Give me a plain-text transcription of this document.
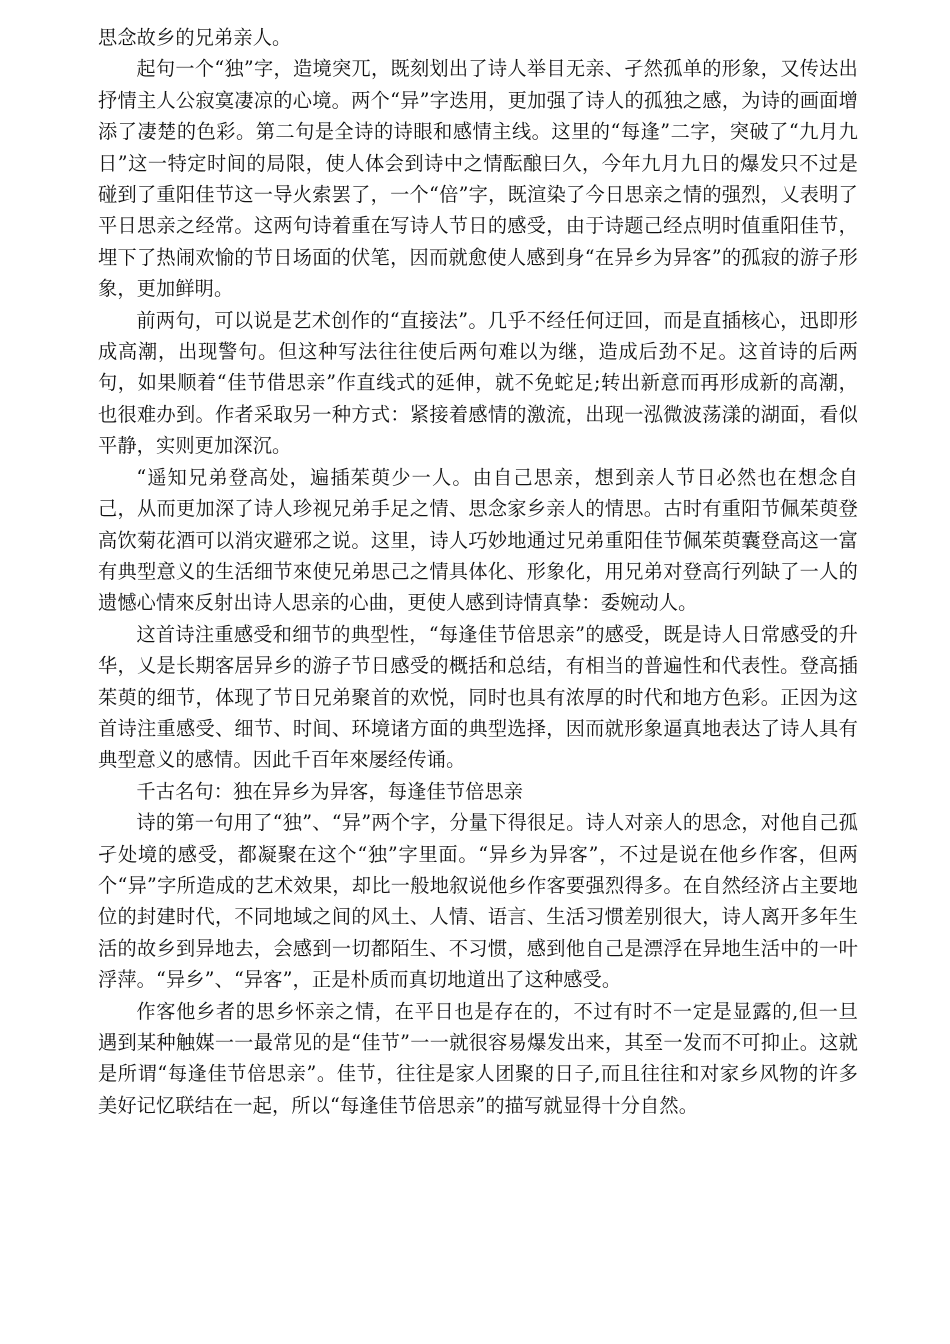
思念故乡的兄弟亲人。

起句一个“独”字，造境突兀，既刻划出了诗人举目无亲、孑然孤单的形象，又传达出抒情主人公寂寞凄凉的心境。两个“异”字迭用，更加强了诗人的孤独之感，为诗的画面增添了凄楚的色彩。第二句是全诗的诗眼和感情主线。这里的“每逢”二字，突破了“九月九日”这一特定时间的局限，使人体会到诗中之情酝酿曰久，今年九月九日的爆发只不过是碰到了重阳佳节这一导火索罢了，一个“倍”字，既渲染了今日思亲之情的强烈，乂表明了平日思亲之经常。这两句诗着重在写诗人节日的感受，由于诗题己经点明时值重阳佳节，埋下了热闹欢愉的节日场面的伏笔，因而就愈使人感到身“在异乡为异客”的孤寂的游子形象，更加鲜明。

前两句，可以说是艺术创作的“直接法”。几乎不经任何迂回，而是直插核心，迅即形成高潮，出现警句。但这种写法往往使后两句难以为继，造成后劲不足。这首诗的后两句，如果顺着“佳节借思亲”作直线式的延伸，就不免蛇足;转出新意而再形成新的高潮，也很难办到。作者采取另一种方式：紧接着感情的激流，出现一泓微波荡漾的湖面，看似平静，实则更加深沉。

“遥知兄弟登高处，遍插茱萸少一人。由自己思亲，想到亲人节日必然也在想念自己，从而更加深了诗人珍视兄弟手足之情、思念家乡亲人的情思。古时有重阳节佩茱萸登高饮菊花酒可以消灾避邪之说。这里，诗人巧妙地通过兄弟重阳佳节佩茱萸囊登高这一富有典型意义的生活细节來使兄弟思己之情具体化、形象化，用兄弟对登高行列缺了一人的遗憾心情來反射出诗人思亲的心曲，更使人感到诗情真挚：委婉动人。

这首诗注重感受和细节的典型性，“每逢佳节倍思亲”的感受，既是诗人日常感受的升华，乂是长期客居异乡的游子节日感受的概括和总结，有相当的普遍性和代表性。登高插茱萸的细节，体现了节日兄弟聚首的欢悦，同时也具有浓厚的时代和地方色彩。正因为这首诗注重感受、细节、时间、环境诸方面的典型选择，因而就形象逼真地表达了诗人具有典型意义的感情。因此千百年來屡经传诵。

千古名句：独在异乡为异客，每逢佳节倍思亲

诗的第一句用了“独”、“异”两个字，分量下得很足。诗人对亲人的思念，对他自己孤孑处境的感受，都凝聚在这个“独”字里面。“异乡为异客”，不过是说在他乡作客，但两个“异”字所造成的艺术效果，却比一般地叙说他乡作客要强烈得多。在自然经济占主要地位的封建时代，不同地域之间的风土、人情、语言、生活习惯差别很大，诗人离开多年生活的故乡到异地去，会感到一切都陌生、不习惯，感到他自己是漂浮在异地生活中的一叶浮萍。“异乡”、“异客”，正是朴质而真切地道出了这种感受。

作客他乡者的思乡怀亲之情，在平日也是存在的，不过有时不一定是显露的,但一旦遇到某种触媒一一最常见的是“佳节”一一就很容易爆发出来，其至一发而不可抑止。这就是所谓“每逢佳节倍思亲”。佳节，往往是家人团聚的日子,而且往往和对家乡风物的许多美好记忆联结在一起，所以“每逢佳节倍思亲”的描写就显得十分自然。
